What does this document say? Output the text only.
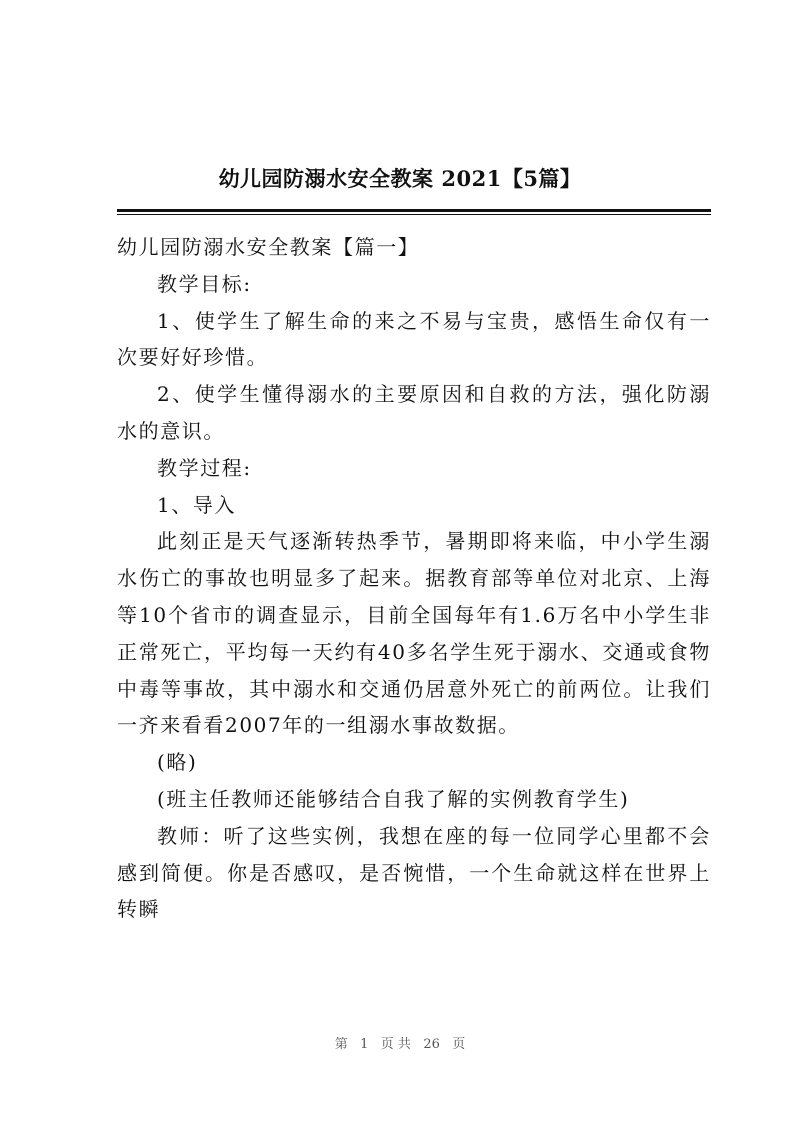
幼儿园防溺水安全教案 2021【5篇】

幼儿园防溺水安全教案【篇一】

教学目标:

1、使学生了解生命的来之不易与宝贵，感悟生命仅有一次要好好珍惜。

2、使学生懂得溺水的主要原因和自救的方法，强化防溺水的意识。

教学过程:

1、导入

此刻正是天气逐渐转热季节，暑期即将来临，中小学生溺水伤亡的事故也明显多了起来。据教育部等单位对北京、上海等10个省市的调查显示，目前全国每年有1.6万名中小学生非正常死亡，平均每一天约有40多名学生死于溺水、交通或食物中毒等事故，其中溺水和交通仍居意外死亡的前两位。让我们一齐来看看2007年的一组溺水事故数据。

(略)

(班主任教师还能够结合自我了解的实例教育学生)

教师：听了这些实例，我想在座的每一位同学心里都不会感到简便。你是否感叹，是否惋惜，一个生命就这样在世界上转瞬

第 1 页 共 26 页
